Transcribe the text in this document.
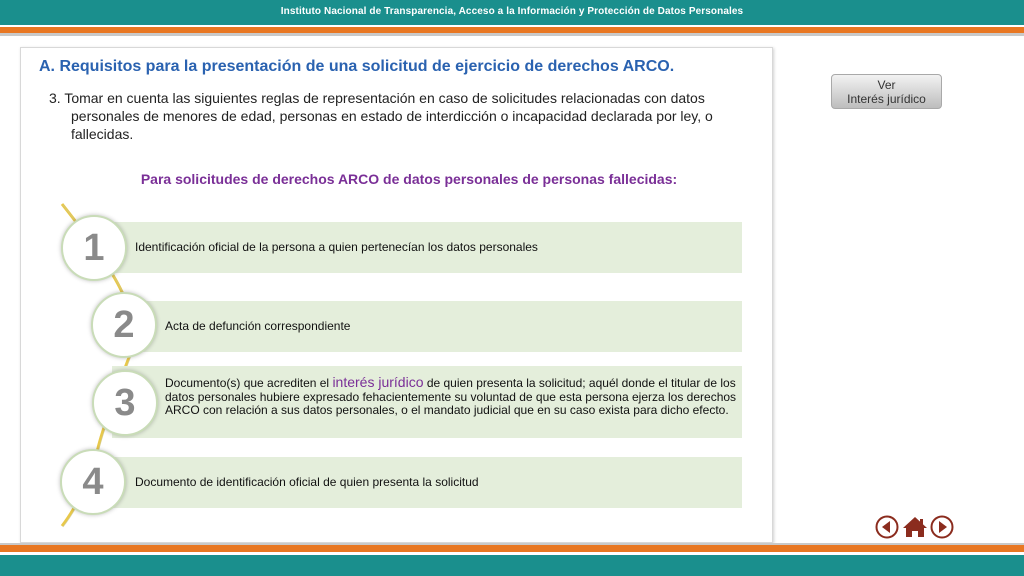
Instituto Nacional de Transparencia, Acceso a la Información y Protección de Datos Personales
A. Requisitos para la presentación de una solicitud de ejercicio de derechos ARCO.
3. Tomar en cuenta las siguientes reglas de representación en caso de solicitudes relacionadas con datos personales de menores de edad, personas en estado de interdicción o incapacidad declarada por ley, o fallecidas.
Para solicitudes de derechos ARCO de datos personales de personas fallecidas:
Identificación oficial de la persona a quien pertenecían los datos personales
Acta de defunción correspondiente
Documento(s) que acrediten el interés jurídico de quien presenta la solicitud; aquél donde el titular de los datos personales hubiere expresado fehacientemente su voluntad de que esta persona ejerza los derechos ARCO con relación a sus datos personales, o el mandato judicial que en su caso exista para dicho efecto.
Documento de identificación oficial de quien presenta la solicitud
1
2
3
4
Ver
Interés jurídico
